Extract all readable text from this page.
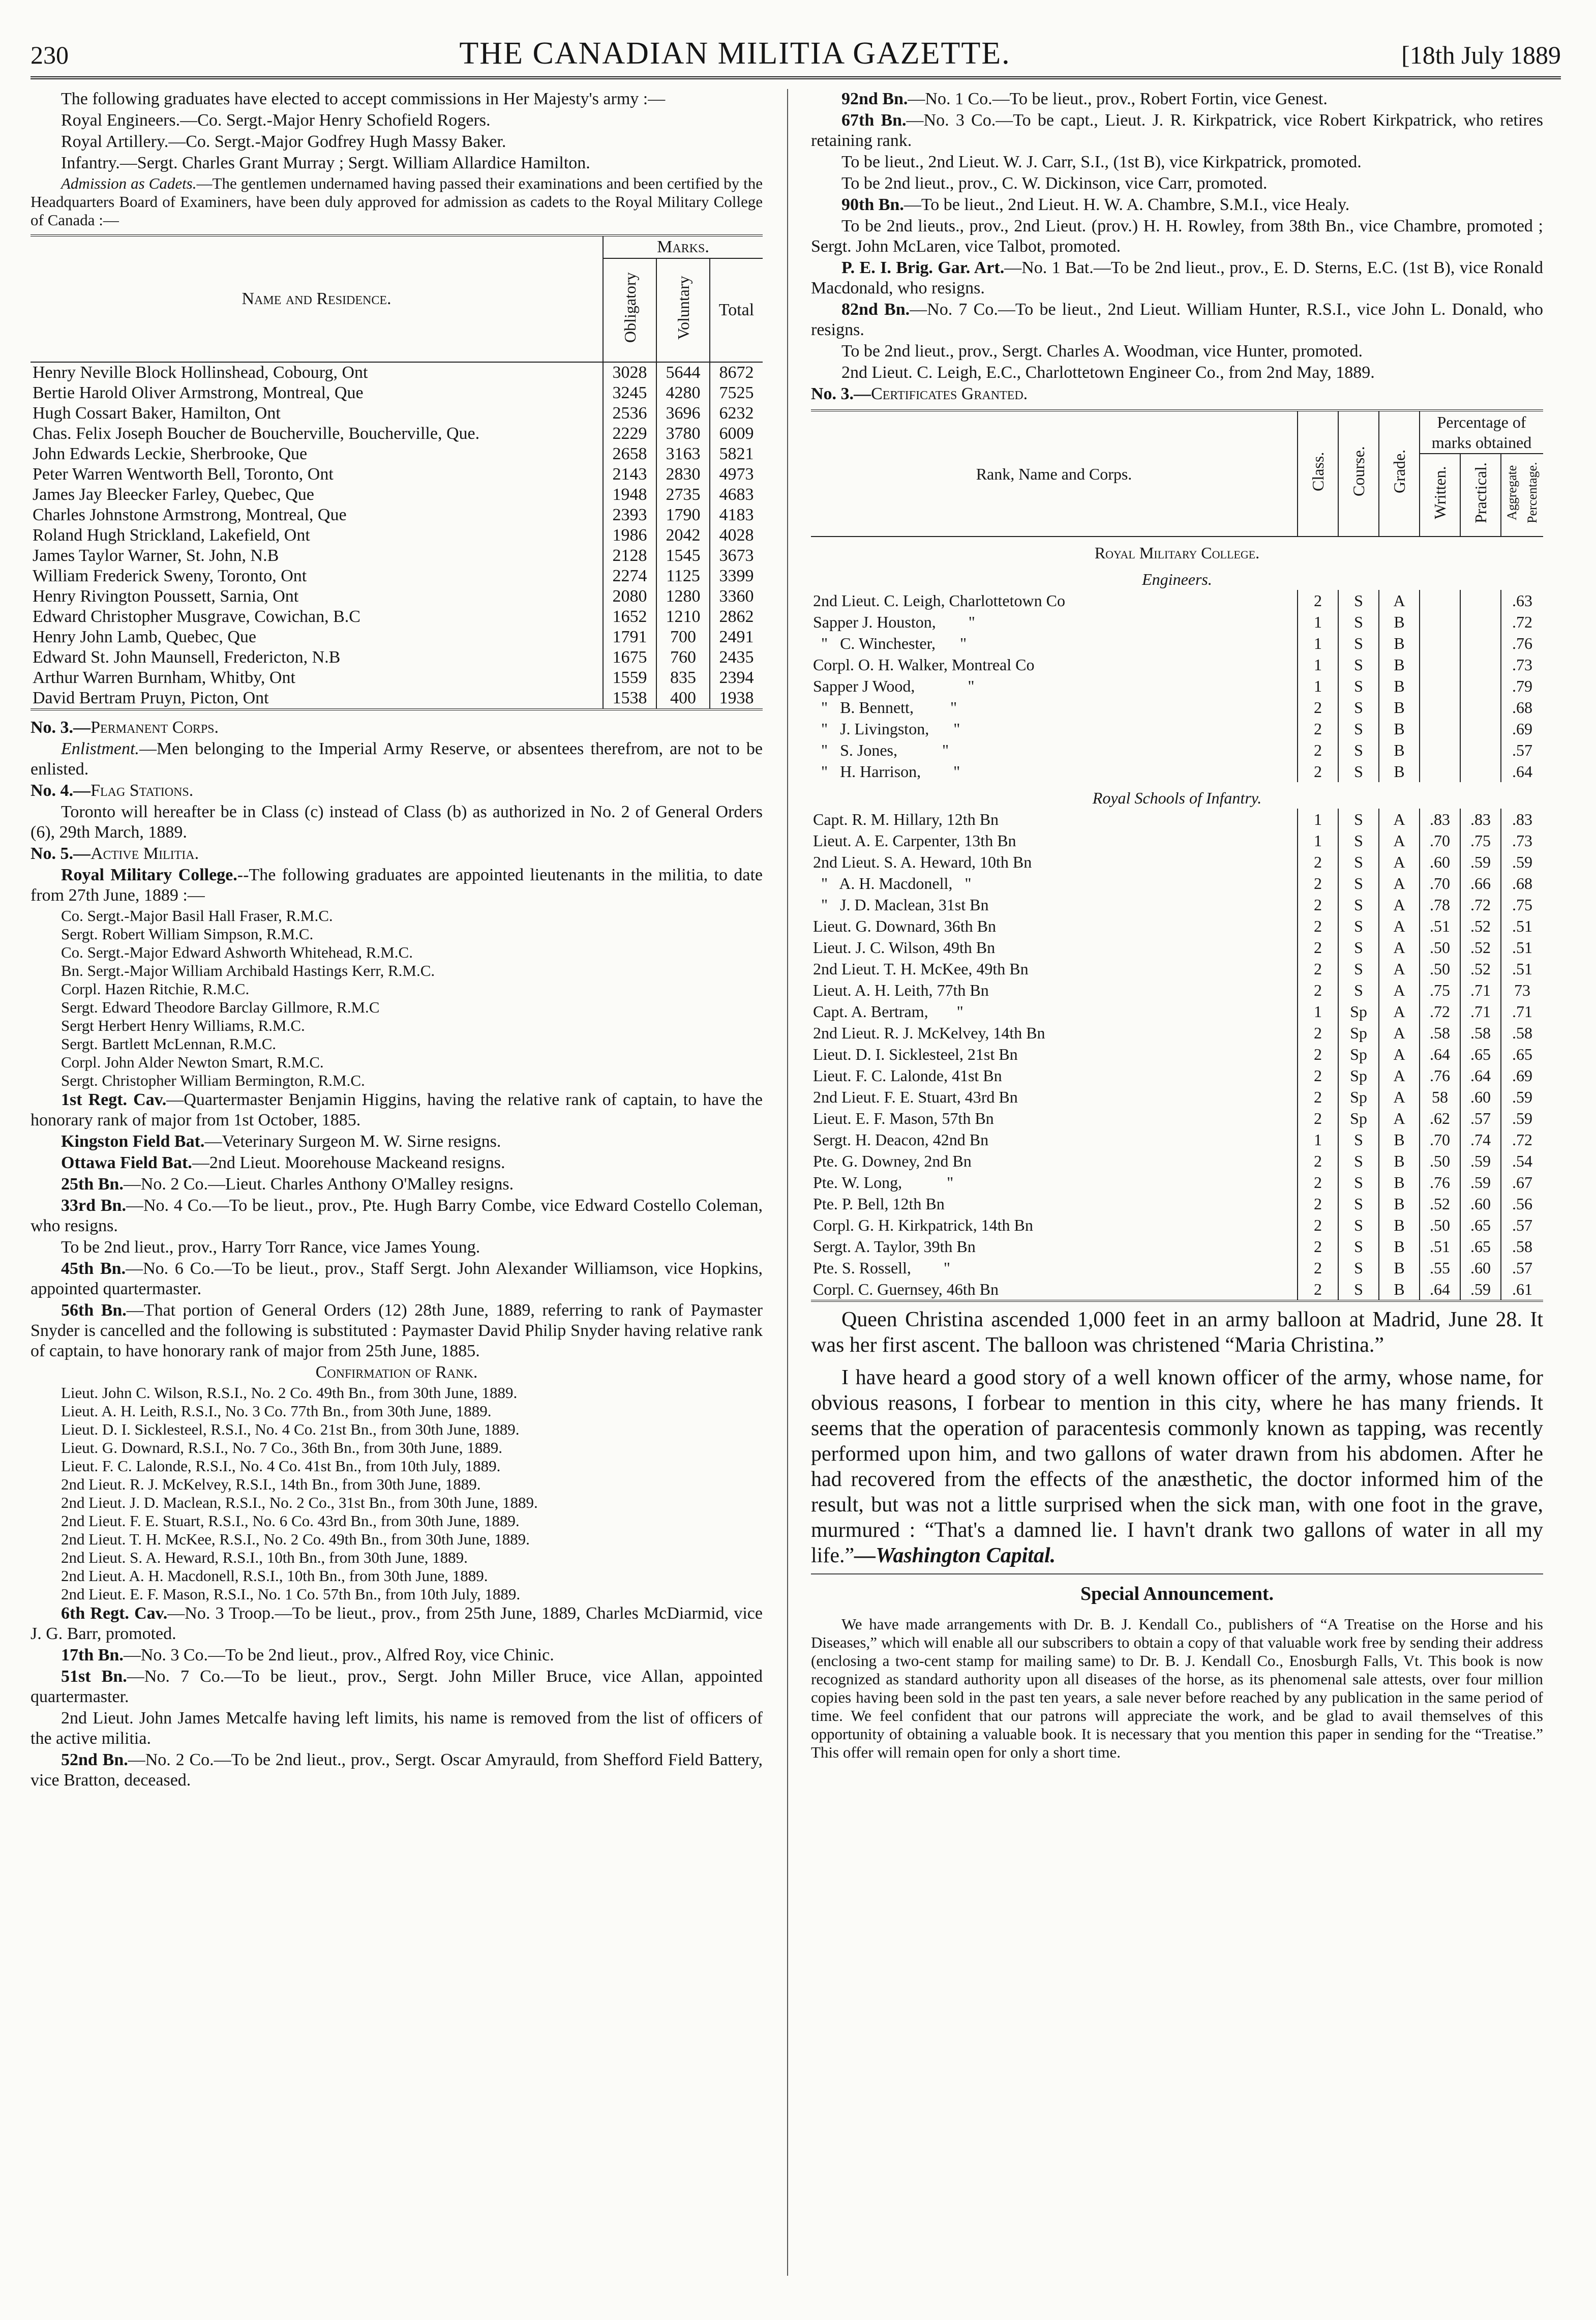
230	THE CANADIAN MILITIA GAZETTE.	[18th July 1889

The following graduates have elected to accept commissions in Her Majesty's army :—

Royal Engineers.—Co. Sergt.-Major Henry Schofield Rogers.

Royal Artillery.—Co. Sergt.-Major Godfrey Hugh Massy Baker.

Infantry.—Sergt. Charles Grant Murray ; Sergt. William Allardice Hamilton.

Admission as Cadets.—The gentlemen undernamed having passed their examinations and been certified by the Headquarters Board of Examiners, have been duly approved for admission as cadets to the Royal Military College of Canada :—

Name and Residence.	Marks.		
	Obligatory	Voluntary	Total
Henry Neville Block Hollinshead, Cobourg, Ont	3028	5644	8672
Bertie Harold Oliver Armstrong, Montreal, Que	3245	4280	7525
Hugh Cossart Baker, Hamilton, Ont	2536	3696	6232
Chas. Felix Joseph Boucher de Boucherville, Boucherville, Que.	2229	3780	6009
John Edwards Leckie, Sherbrooke, Que	2658	3163	5821
Peter Warren Wentworth Bell, Toronto, Ont	2143	2830	4973
James Jay Bleecker Farley, Quebec, Que	1948	2735	4683
Charles Johnstone Armstrong, Montreal, Que	2393	1790	4183
Roland Hugh Strickland, Lakefield, Ont	1986	2042	4028
James Taylor Warner, St. John, N.B	2128	1545	3673
William Frederick Sweny, Toronto, Ont	2274	1125	3399
Henry Rivington Poussett, Sarnia, Ont	2080	1280	3360
Edward Christopher Musgrave, Cowichan, B.C	1652	1210	2862
Henry John Lamb, Quebec, Que	1791	700	2491
Edward St. John Maunsell, Fredericton, N.B	1675	760	2435
Arthur Warren Burnham, Whitby, Ont	1559	835	2394
David Bertram Pruyn, Picton, Ont	1538	400	1938

No. 3.—Permanent Corps.

Enlistment.—Men belonging to the Imperial Army Reserve, or absentees therefrom, are not to be enlisted.

No. 4.—Flag Stations.

Toronto will hereafter be in Class (c) instead of Class (b) as authorized in No. 2 of General Orders (6), 29th March, 1889.

No. 5.—Active Militia.

Royal Military College.--The following graduates are appointed lieutenants in the militia, to date from 27th June, 1889 :—

Co. Sergt.-Major Basil Hall Fraser, R.M.C.
Sergt. Robert William Simpson, R.M.C.
Co. Sergt.-Major Edward Ashworth Whitehead, R.M.C.
Bn. Sergt.-Major William Archibald Hastings Kerr, R.M.C.
Corpl. Hazen Ritchie, R.M.C.
Sergt. Edward Theodore Barclay Gillmore, R.M.C
Sergt Herbert Henry Williams, R.M.C.
Sergt. Bartlett McLennan, R.M.C.
Corpl. John Alder Newton Smart, R.M.C.
Sergt. Christopher William Bermington, R.M.C.

1st Regt. Cav.—Quartermaster Benjamin Higgins, having the relative rank of captain, to have the honorary rank of major from 1st October, 1885.

Kingston Field Bat.—Veterinary Surgeon M. W. Sirne resigns.

Ottawa Field Bat.—2nd Lieut. Moorehouse Mackeand resigns.

25th Bn.—No. 2 Co.—Lieut. Charles Anthony O'Malley resigns.

33rd Bn.—No. 4 Co.—To be lieut., prov., Pte. Hugh Barry Combe, vice Edward Costello Coleman, who resigns.

To be 2nd lieut., prov., Harry Torr Rance, vice James Young.

45th Bn.—No. 6 Co.—To be lieut., prov., Staff Sergt. John Alexander Williamson, vice Hopkins, appointed quartermaster.

56th Bn.—That portion of General Orders (12) 28th June, 1889, referring to rank of Paymaster Snyder is cancelled and the following is substituted : Paymaster David Philip Snyder having relative rank of captain, to have honorary rank of major from 25th June, 1885.

Confirmation of Rank.

Lieut. John C. Wilson, R.S.I., No. 2 Co. 49th Bn., from 30th June, 1889.
Lieut. A. H. Leith, R.S.I., No. 3 Co. 77th Bn., from 30th June, 1889.
Lieut. D. I. Sicklesteel, R.S.I., No. 4 Co. 21st Bn., from 30th June, 1889.
Lieut. G. Downard, R.S.I., No. 7 Co., 36th Bn., from 30th June, 1889.
Lieut. F. C. Lalonde, R.S.I., No. 4 Co. 41st Bn., from 10th July, 1889.
2nd Lieut. R. J. McKelvey, R.S.I., 14th Bn., from 30th June, 1889.
2nd Lieut. J. D. Maclean, R.S.I., No. 2 Co., 31st Bn., from 30th June, 1889.
2nd Lieut. F. E. Stuart, R.S.I., No. 6 Co. 43rd Bn., from 30th June, 1889.
2nd Lieut. T. H. McKee, R.S.I., No. 2 Co. 49th Bn., from 30th June, 1889.
2nd Lieut. S. A. Heward, R.S.I., 10th Bn., from 30th June, 1889.
2nd Lieut. A. H. Macdonell, R.S.I., 10th Bn., from 30th June, 1889.
2nd Lieut. E. F. Mason, R.S.I., No. 1 Co. 57th Bn., from 10th July, 1889.

6th Regt. Cav.—No. 3 Troop.—To be lieut., prov., from 25th June, 1889, Charles McDiarmid, vice J. G. Barr, promoted.

17th Bn.—No. 3 Co.—To be 2nd lieut., prov., Alfred Roy, vice Chinic.

51st Bn.—No. 7 Co.—To be lieut., prov., Sergt. John Miller Bruce, vice Allan, appointed quartermaster.

2nd Lieut. John James Metcalfe having left limits, his name is removed from the list of officers of the active militia.

52nd Bn.—No. 2 Co.—To be 2nd lieut., prov., Sergt. Oscar Amyrauld, from Shefford Field Battery, vice Bratton, deceased.

92nd Bn.—No. 1 Co.—To be lieut., prov., Robert Fortin, vice Genest.

67th Bn.—No. 3 Co.—To be capt., Lieut. J. R. Kirkpatrick, vice Robert Kirkpatrick, who retires retaining rank.

To be lieut., 2nd Lieut. W. J. Carr, S.I., (1st B), vice Kirkpatrick, promoted.

To be 2nd lieut., prov., C. W. Dickinson, vice Carr, promoted.

90th Bn.—To be lieut., 2nd Lieut. H. W. A. Chambre, S.M.I., vice Healy.

To be 2nd lieuts., prov., 2nd Lieut. (prov.) H. H. Rowley, from 38th Bn., vice Chambre, promoted ; Sergt. John McLaren, vice Talbot, promoted.

P. E. I. Brig. Gar. Art.—No. 1 Bat.—To be 2nd lieut., prov., E. D. Sterns, E.C. (1st B), vice Ronald Macdonald, who resigns.

82nd Bn.—No. 7 Co.—To be lieut., 2nd Lieut. William Hunter, R.S.I., vice John L. Donald, who resigns.

To be 2nd lieut., prov., Sergt. Charles A. Woodman, vice Hunter, promoted.

2nd Lieut. C. Leigh, E.C., Charlottetown Engineer Co., from 2nd May, 1889.

No. 3.—Certificates Granted.

Rank, Name and Corps.	Class.	Course.	Grade.	Percentage of marks obtained		
				Written.	Practical.	Aggregate Percentage.
Royal Military College.						
Engineers.						
2nd Lieut. C. Leigh, Charlottetown Co	2	S	A			.63
Sapper J. Houston,        "	1	S	B			.72
"   C. Winchester,      "	1	S	B			.76
Corpl. O. H. Walker, Montreal Co	1	S	B			.73
Sapper J Wood,             "	1	S	B			.79
"   B. Bennett,         "	2	S	B			.68
"   J. Livingston,      "	2	S	B			.69
"   S. Jones,           "	2	S	B			.57
"   H. Harrison,        "	2	S	B			.64
Royal Schools of Infantry.						
Capt. R. M. Hillary, 12th Bn	1	S	A	.83	.83	.83
Lieut. A. E. Carpenter, 13th Bn	1	S	A	.70	.75	.73
2nd Lieut. S. A. Heward, 10th Bn	2	S	A	.60	.59	.59
"   A. H. Macdonell,   "	2	S	A	.70	.66	.68
"   J. D. Maclean, 31st Bn	2	S	A	.78	.72	.75
Lieut. G. Downard, 36th Bn	2	S	A	.51	.52	.51
Lieut. J. C. Wilson, 49th Bn	2	S	A	.50	.52	.51
2nd Lieut. T. H. McKee, 49th Bn	2	S	A	.50	.52	.51
Lieut. A. H. Leith, 77th Bn	2	S	A	.75	.71	73
Capt. A. Bertram,       "	1	Sp	A	.72	.71	.71
2nd Lieut. R. J. McKelvey, 14th Bn	2	Sp	A	.58	.58	.58
Lieut. D. I. Sicklesteel, 21st Bn	2	Sp	A	.64	.65	.65
Lieut. F. C. Lalonde, 41st Bn	2	Sp	A	.76	.64	.69
2nd Lieut. F. E. Stuart, 43rd Bn	2	Sp	A	58	.60	.59
Lieut. E. F. Mason, 57th Bn	2	Sp	A	.62	.57	.59
Sergt. H. Deacon, 42nd Bn	1	S	B	.70	.74	.72
Pte. G. Downey, 2nd Bn	2	S	B	.50	.59	.54
Pte. W. Long,           "	2	S	B	.76	.59	.67
Pte. P. Bell, 12th Bn	2	S	B	.52	.60	.56
Corpl. G. H. Kirkpatrick, 14th Bn	2	S	B	.50	.65	.57
Sergt. A. Taylor, 39th Bn	2	S	B	.51	.65	.58
Pte. S. Rossell,        "	2	S	B	.55	.60	.57
Corpl. C. Guernsey, 46th Bn	2	S	B	.64	.59	.61

Queen Christina ascended 1,000 feet in an army balloon at Madrid, June 28. It was her first ascent. The balloon was christened “Maria Christina.”

I have heard a good story of a well known officer of the army, whose name, for obvious reasons, I forbear to mention in this city, where he has many friends. It seems that the operation of paracentesis commonly known as tapping, was recently performed upon him, and two gallons of water drawn from his abdomen. After he had recovered from the effects of the anæsthetic, the doctor informed him of the result, but was not a little surprised when the sick man, with one foot in the grave, murmured : “That's a damned lie. I havn't drank two gallons of water in all my life.”—Washington Capital.

Special Announcement.

We have made arrangements with Dr. B. J. Kendall Co., publishers of “A Treatise on the Horse and his Diseases,” which will enable all our subscribers to obtain a copy of that valuable work free by sending their address (enclosing a two-cent stamp for mailing same) to Dr. B. J. Kendall Co., Enosburgh Falls, Vt. This book is now recognized as standard authority upon all diseases of the horse, as its phenomenal sale attests, over four million copies having been sold in the past ten years, a sale never before reached by any publication in the same period of time. We feel confident that our patrons will appreciate the work, and be glad to avail themselves of this opportunity of obtaining a valuable book. It is necessary that you mention this paper in sending for the “Treatise.” This offer will remain open for only a short time.
